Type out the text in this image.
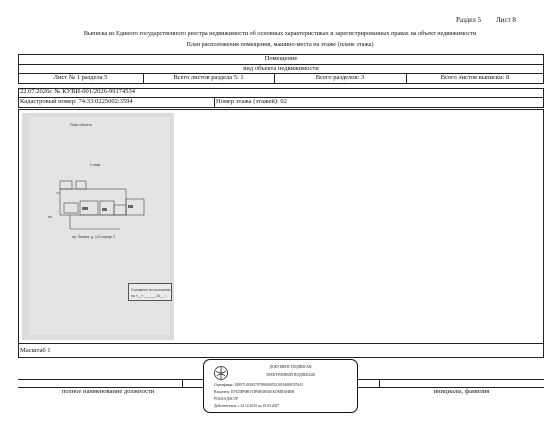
Раздел 5 Лист 8
Выписка из Единого государственного реестра недвижимости об основных характеристиках и зарегистрированных правах на объект недвижимости
План расположения помещения, машино-места на этаже (плане этажа)
Помещение
вид объекта недвижимости
Лист № 1 раздела 5	Всего листов раздела 5: 1	Всего разделов: 3	Всего листов выписки: 8
22.07.2026г. № КУВИ-001/2026-99174534
Кадастровый номер: 74:33:0225002:3594	Номер этажа (этажей): 02
План объекта
2 этаж
пр. Ленина, д. 122 корпус 2
Составлен по состоянию
на «__» ______ 20__ г.
Масштаб 1
полное наименование должности	инициалы, фамилия
ДОКУМЕНТ ПОДПИСАН
ЭЛЕКТРОННОЙ ПОДПИСЬЮ
Сертификат: 0399714818479799680055210164080357643
Владелец: ПУБЛИЧНО-ПРАВОВАЯ КОМПАНИЯ
РОСКАДАСТР
Действителен: с 24.12.2025 по 19.03.2027
